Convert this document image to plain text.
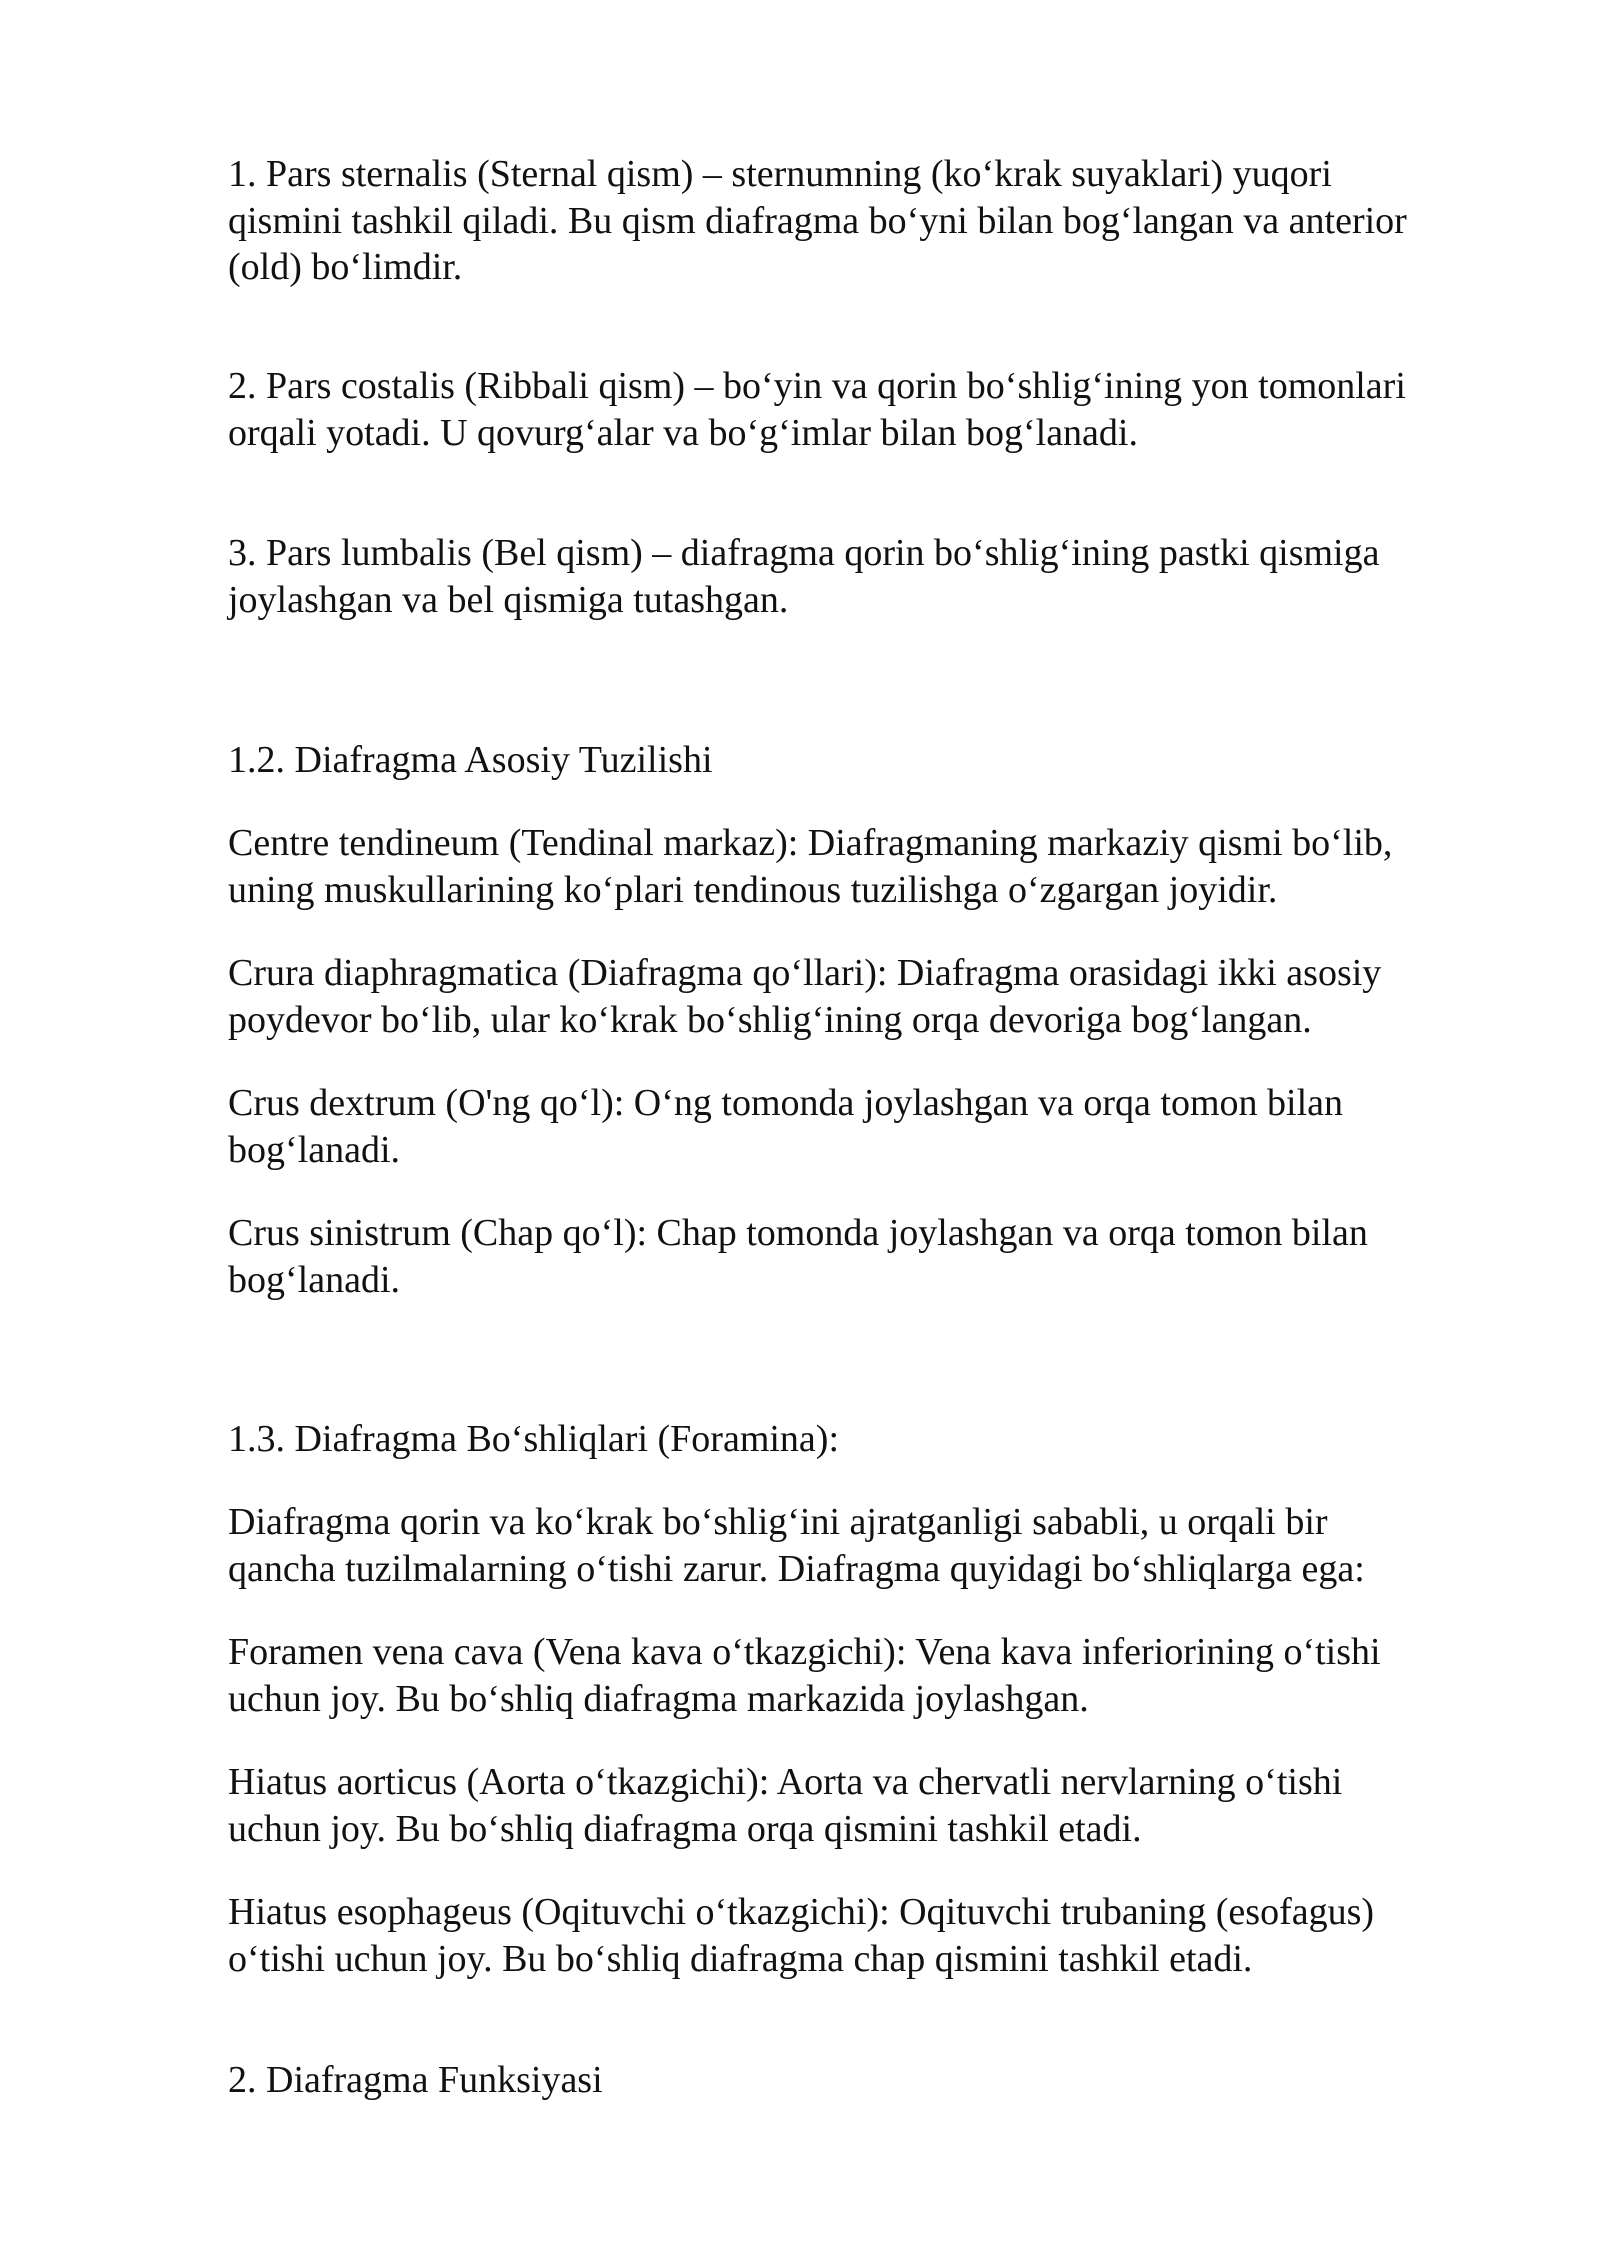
1. Pars sternalis (Sternal qism) – sternumning (ko‘krak suyaklari) yuqori
qismini tashkil qiladi. Bu qism diafragma bo‘yni bilan bog‘langan va anterior
(old) bo‘limdir.

2. Pars costalis (Ribbali qism) – bo‘yin va qorin bo‘shlig‘ining yon tomonlari
orqali yotadi. U qovurg‘alar va bo‘g‘imlar bilan bog‘lanadi.

3. Pars lumbalis (Bel qism) – diafragma qorin bo‘shlig‘ining pastki qismiga
joylashgan va bel qismiga tutashgan.

1.2. Diafragma Asosiy Tuzilishi

Centre tendineum (Tendinal markaz): Diafragmaning markaziy qismi bo‘lib,
uning muskullarining ko‘plari tendinous tuzilishga o‘zgargan joyidir.

Crura diaphragmatica (Diafragma qo‘llari): Diafragma orasidagi ikki asosiy
poydevor bo‘lib, ular ko‘krak bo‘shlig‘ining orqa devoriga bog‘langan.

Crus dextrum (O'ng qo‘l): O‘ng tomonda joylashgan va orqa tomon bilan
bog‘lanadi.

Crus sinistrum (Chap qo‘l): Chap tomonda joylashgan va orqa tomon bilan
bog‘lanadi.

1.3. Diafragma Bo‘shliqlari (Foramina):

Diafragma qorin va ko‘krak bo‘shlig‘ini ajratganligi sababli, u orqali bir
qancha tuzilmalarning o‘tishi zarur. Diafragma quyidagi bo‘shliqlarga ega:

Foramen vena cava (Vena kava o‘tkazgichi): Vena kava inferiorining o‘tishi
uchun joy. Bu bo‘shliq diafragma markazida joylashgan.

Hiatus aorticus (Aorta o‘tkazgichi): Aorta va chervatli nervlarning o‘tishi
uchun joy. Bu bo‘shliq diafragma orqa qismini tashkil etadi.

Hiatus esophageus (Oqituvchi o‘tkazgichi): Oqituvchi trubaning (esofagus)
o‘tishi uchun joy. Bu bo‘shliq diafragma chap qismini tashkil etadi.

2. Diafragma Funksiyasi
